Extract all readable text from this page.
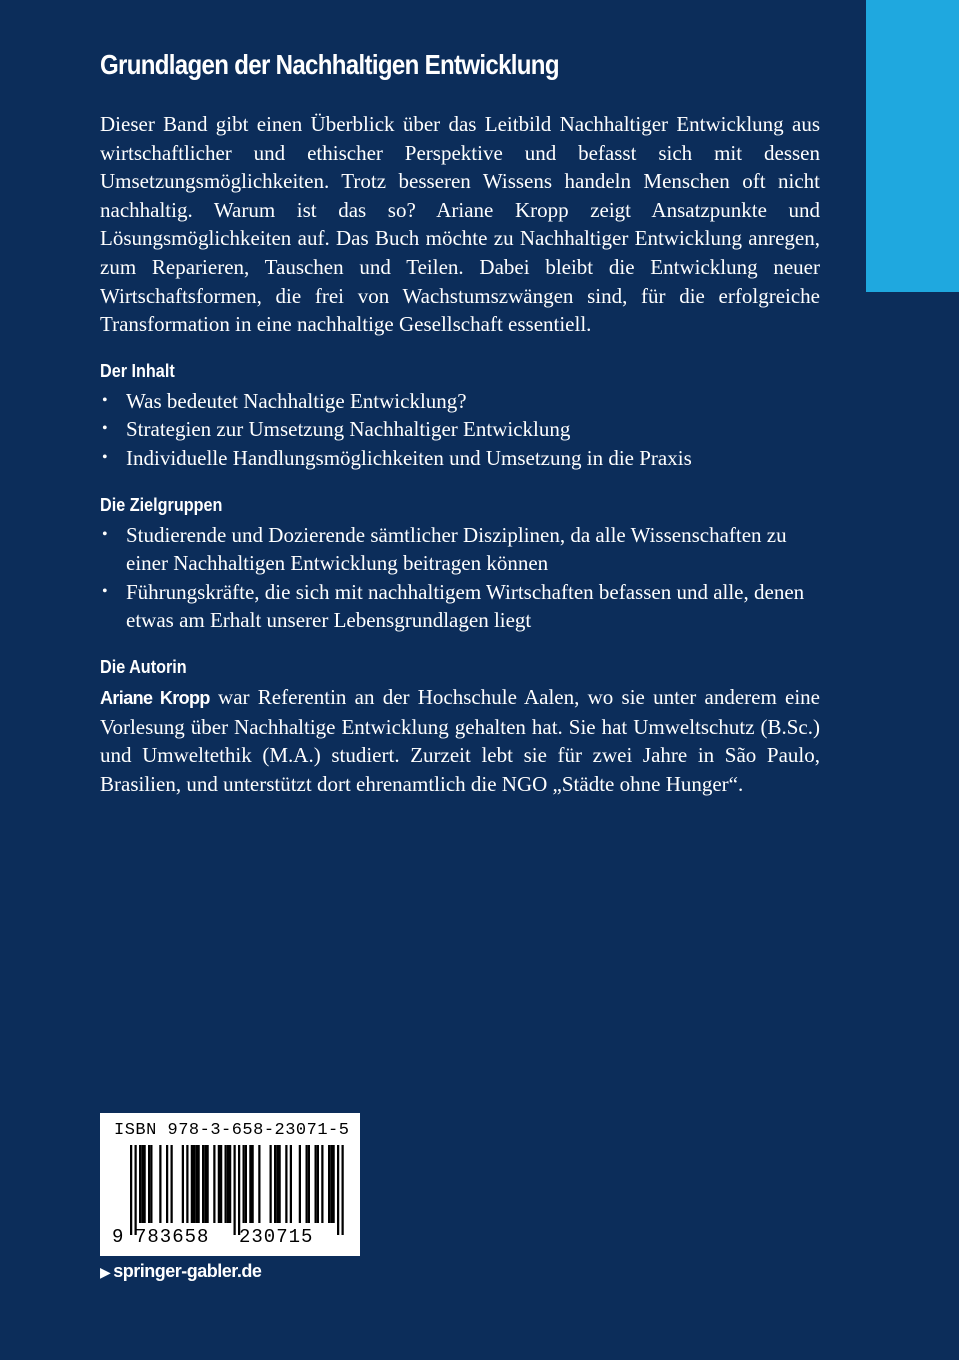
Grundlagen der Nachhaltigen Entwicklung

Dieser Band gibt einen Überblick über das Leitbild Nachhaltiger Entwicklung aus wirtschaftlicher und ethischer Perspektive und befasst sich mit dessen Umsetzungsmöglichkeiten. Trotz besseren Wissens handeln Menschen oft nicht nachhaltig. Warum ist das so? Ariane Kropp zeigt Ansatzpunkte und Lösungsmöglichkeiten auf. Das Buch möchte zu Nachhaltiger Entwicklung anregen, zum Reparieren, Tauschen und Teilen. Dabei bleibt die Entwicklung neuer Wirtschaftsformen, die frei von Wachstumszwängen sind, für die erfolgreiche Transformation in eine nachhaltige Gesellschaft essentiell.

Der Inhalt
• Was bedeutet Nachhaltige Entwicklung?
• Strategien zur Umsetzung Nachhaltiger Entwicklung
• Individuelle Handlungsmöglichkeiten und Umsetzung in die Praxis
Die Zielgruppen
• Studierende und Dozierende sämtlicher Disziplinen, da alle Wissenschaften zu einer Nachhaltigen Entwicklung beitragen können
• Führungskräfte, die sich mit nachhaltigem Wirtschaften befassen und alle, denen etwas am Erhalt unserer Lebensgrundlagen liegt
Die Autorin

Ariane Kropp war Referentin an der Hochschule Aalen, wo sie unter anderem eine Vorlesung über Nachhaltige Entwicklung gehalten hat. Sie hat Umweltschutz (B.Sc.) und Umweltethik (M.A.) studiert. Zurzeit lebt sie für zwei Jahre in São Paulo, Brasilien, und unterstützt dort ehrenamtlich die NGO „Städte ohne Hunger“.

ISBN 978-3-658-23071-5
9 783658 230715
▶ springer-gabler.de
